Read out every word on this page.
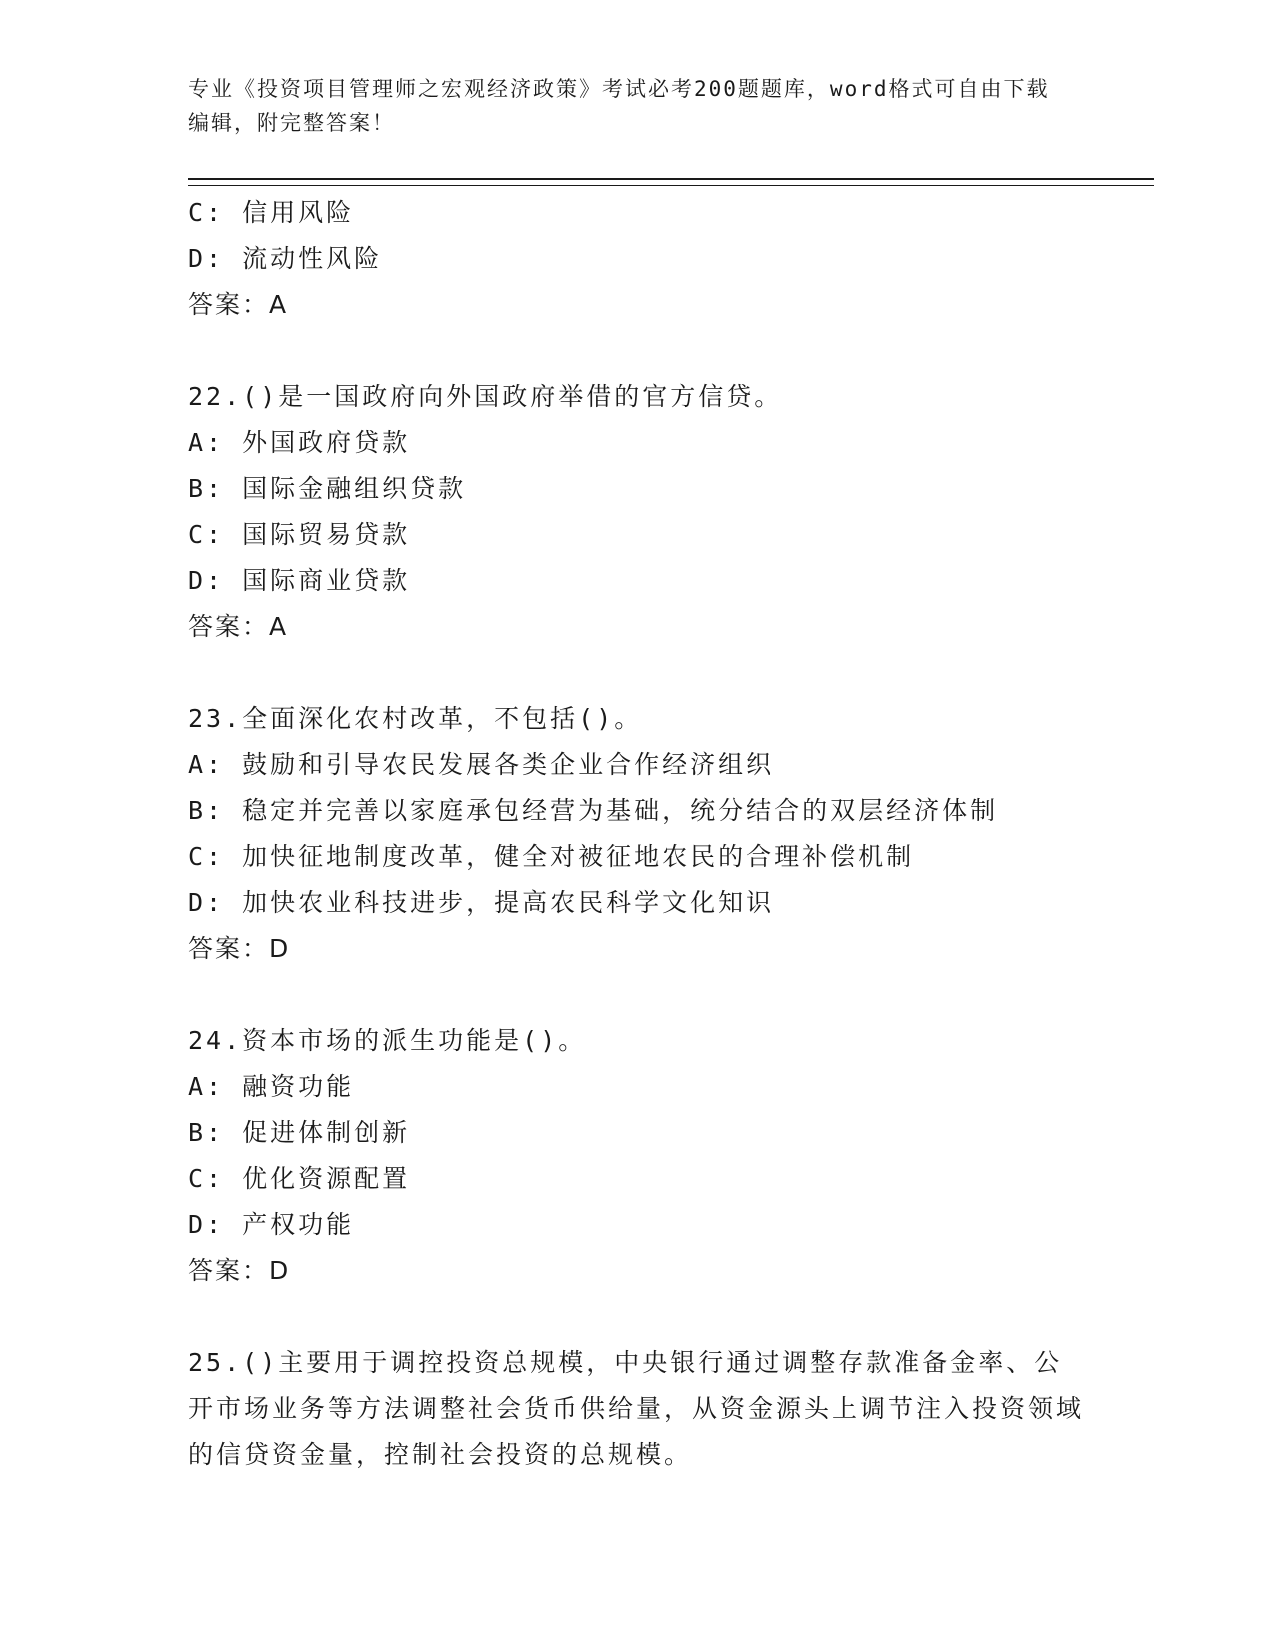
专业《投资项目管理师之宏观经济政策》考试必考200题题库，word格式可自由下载编辑，附完整答案！
C: 信用风险
D: 流动性风险
答案：A
22.()是一国政府向外国政府举借的官方信贷。
A: 外国政府贷款
B: 国际金融组织贷款
C: 国际贸易贷款
D: 国际商业贷款
答案：A
23.全面深化农村改革，不包括()。
A: 鼓励和引导农民发展各类企业合作经济组织
B: 稳定并完善以家庭承包经营为基础，统分结合的双层经济体制
C: 加快征地制度改革，健全对被征地农民的合理补偿机制
D: 加快农业科技进步，提高农民科学文化知识
答案：D
24.资本市场的派生功能是()。
A: 融资功能
B: 促进体制创新
C: 优化资源配置
D: 产权功能
答案：D
25.()主要用于调控投资总规模，中央银行通过调整存款准备金率、公开市场业务等方法调整社会货币供给量，从资金源头上调节注入投资领域的信贷资金量，控制社会投资的总规模。
